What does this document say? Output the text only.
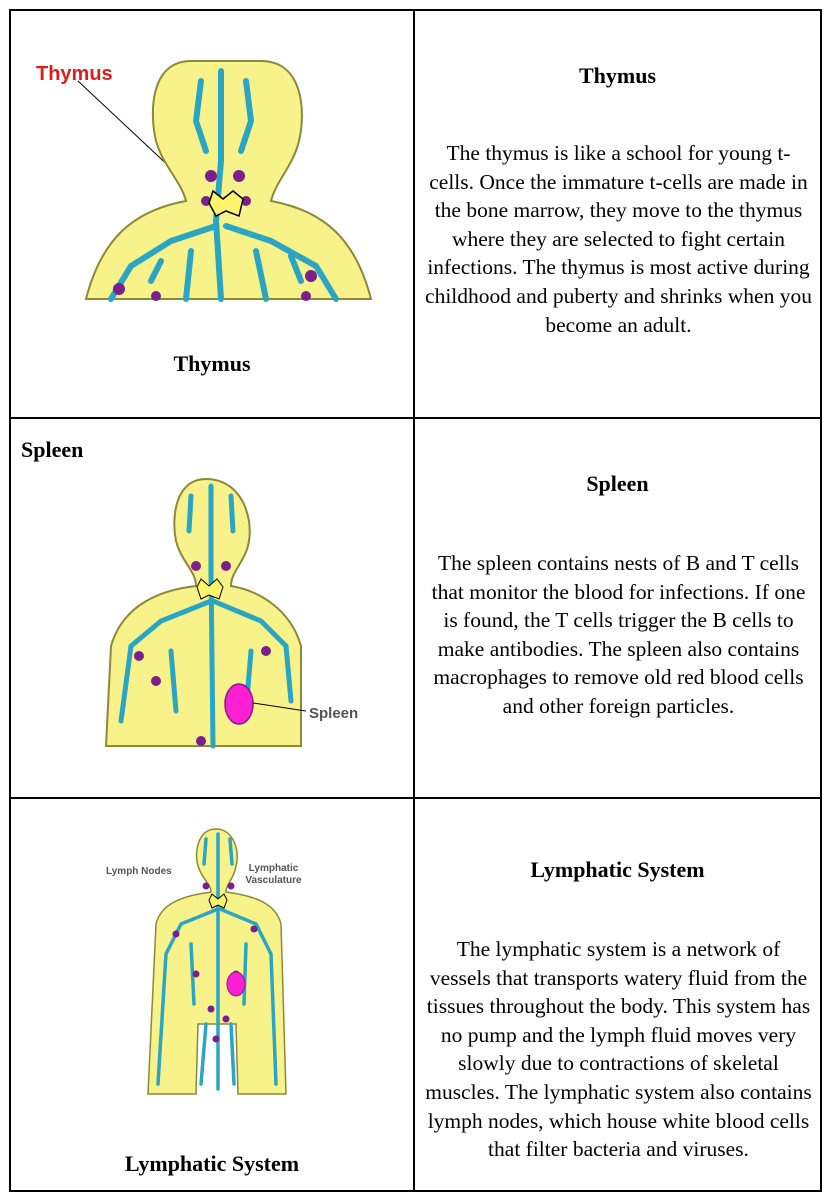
Thymus
Thymus
Thymus
The thymus is like a school for young t-cells. Once the immature t-cells are made in the bone marrow, they move to the thymus where they are selected to fight certain infections. The thymus is most active during childhood and puberty and shrinks when you become an adult.
Spleen
Spleen
Spleen
The spleen contains nests of B and T cells that monitor the blood for infections. If one is found, the T cells trigger the B cells to make antibodies. The spleen also contains macrophages to remove old red blood cells and other foreign particles.
Lymph Nodes	Lymphatic Vasculature
Lymphatic System
Lymphatic System
The lymphatic system is a network of vessels that transports watery fluid from the tissues throughout the body. This system has no pump and the lymph fluid moves very slowly due to contractions of skeletal muscles. The lymphatic system also contains lymph nodes, which house white blood cells that filter bacteria and viruses.
